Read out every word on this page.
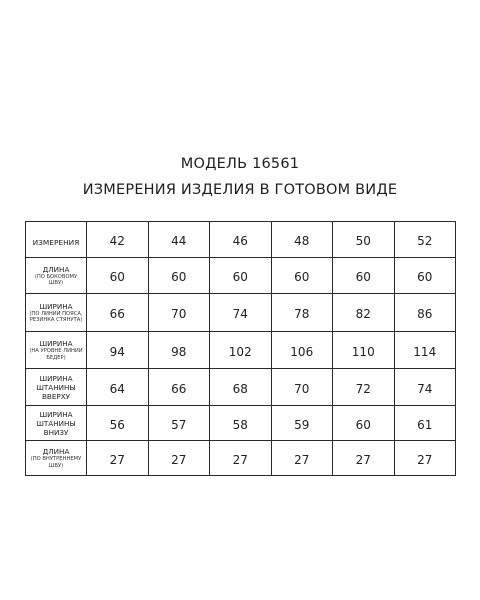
МОДЕЛЬ 16561
ИЗМЕРЕНИЯ ИЗДЕЛИЯ В ГОТОВОМ ВИДЕ
ИЗМЕРЕНИЯ	42	44	46	48	50	52

ДЛИНА
(ПО БОКОВОМУ
ШВУ)	60	60	60	60	60	60

ШИРИНА
(ПО ЛИНИИ ПОЯСА,
РЕЗИНКА СТЯНУТА)	66	70	74	78	82	86

ШИРИНА
(НА УРОВНЕ ЛИНИИ
БЕДЕР)	94	98	102	106	110	114

ШИРИНА
ШТАНИНЫ
ВВЕРХУ	64	66	68	70	72	74

ШИРИНА
ШТАНИНЫ
ВНИЗУ	56	57	58	59	60	61

ДЛИНА
(ПО ВНУТРЕННЕМУ
ШВУ)	27	27	27	27	27	27
